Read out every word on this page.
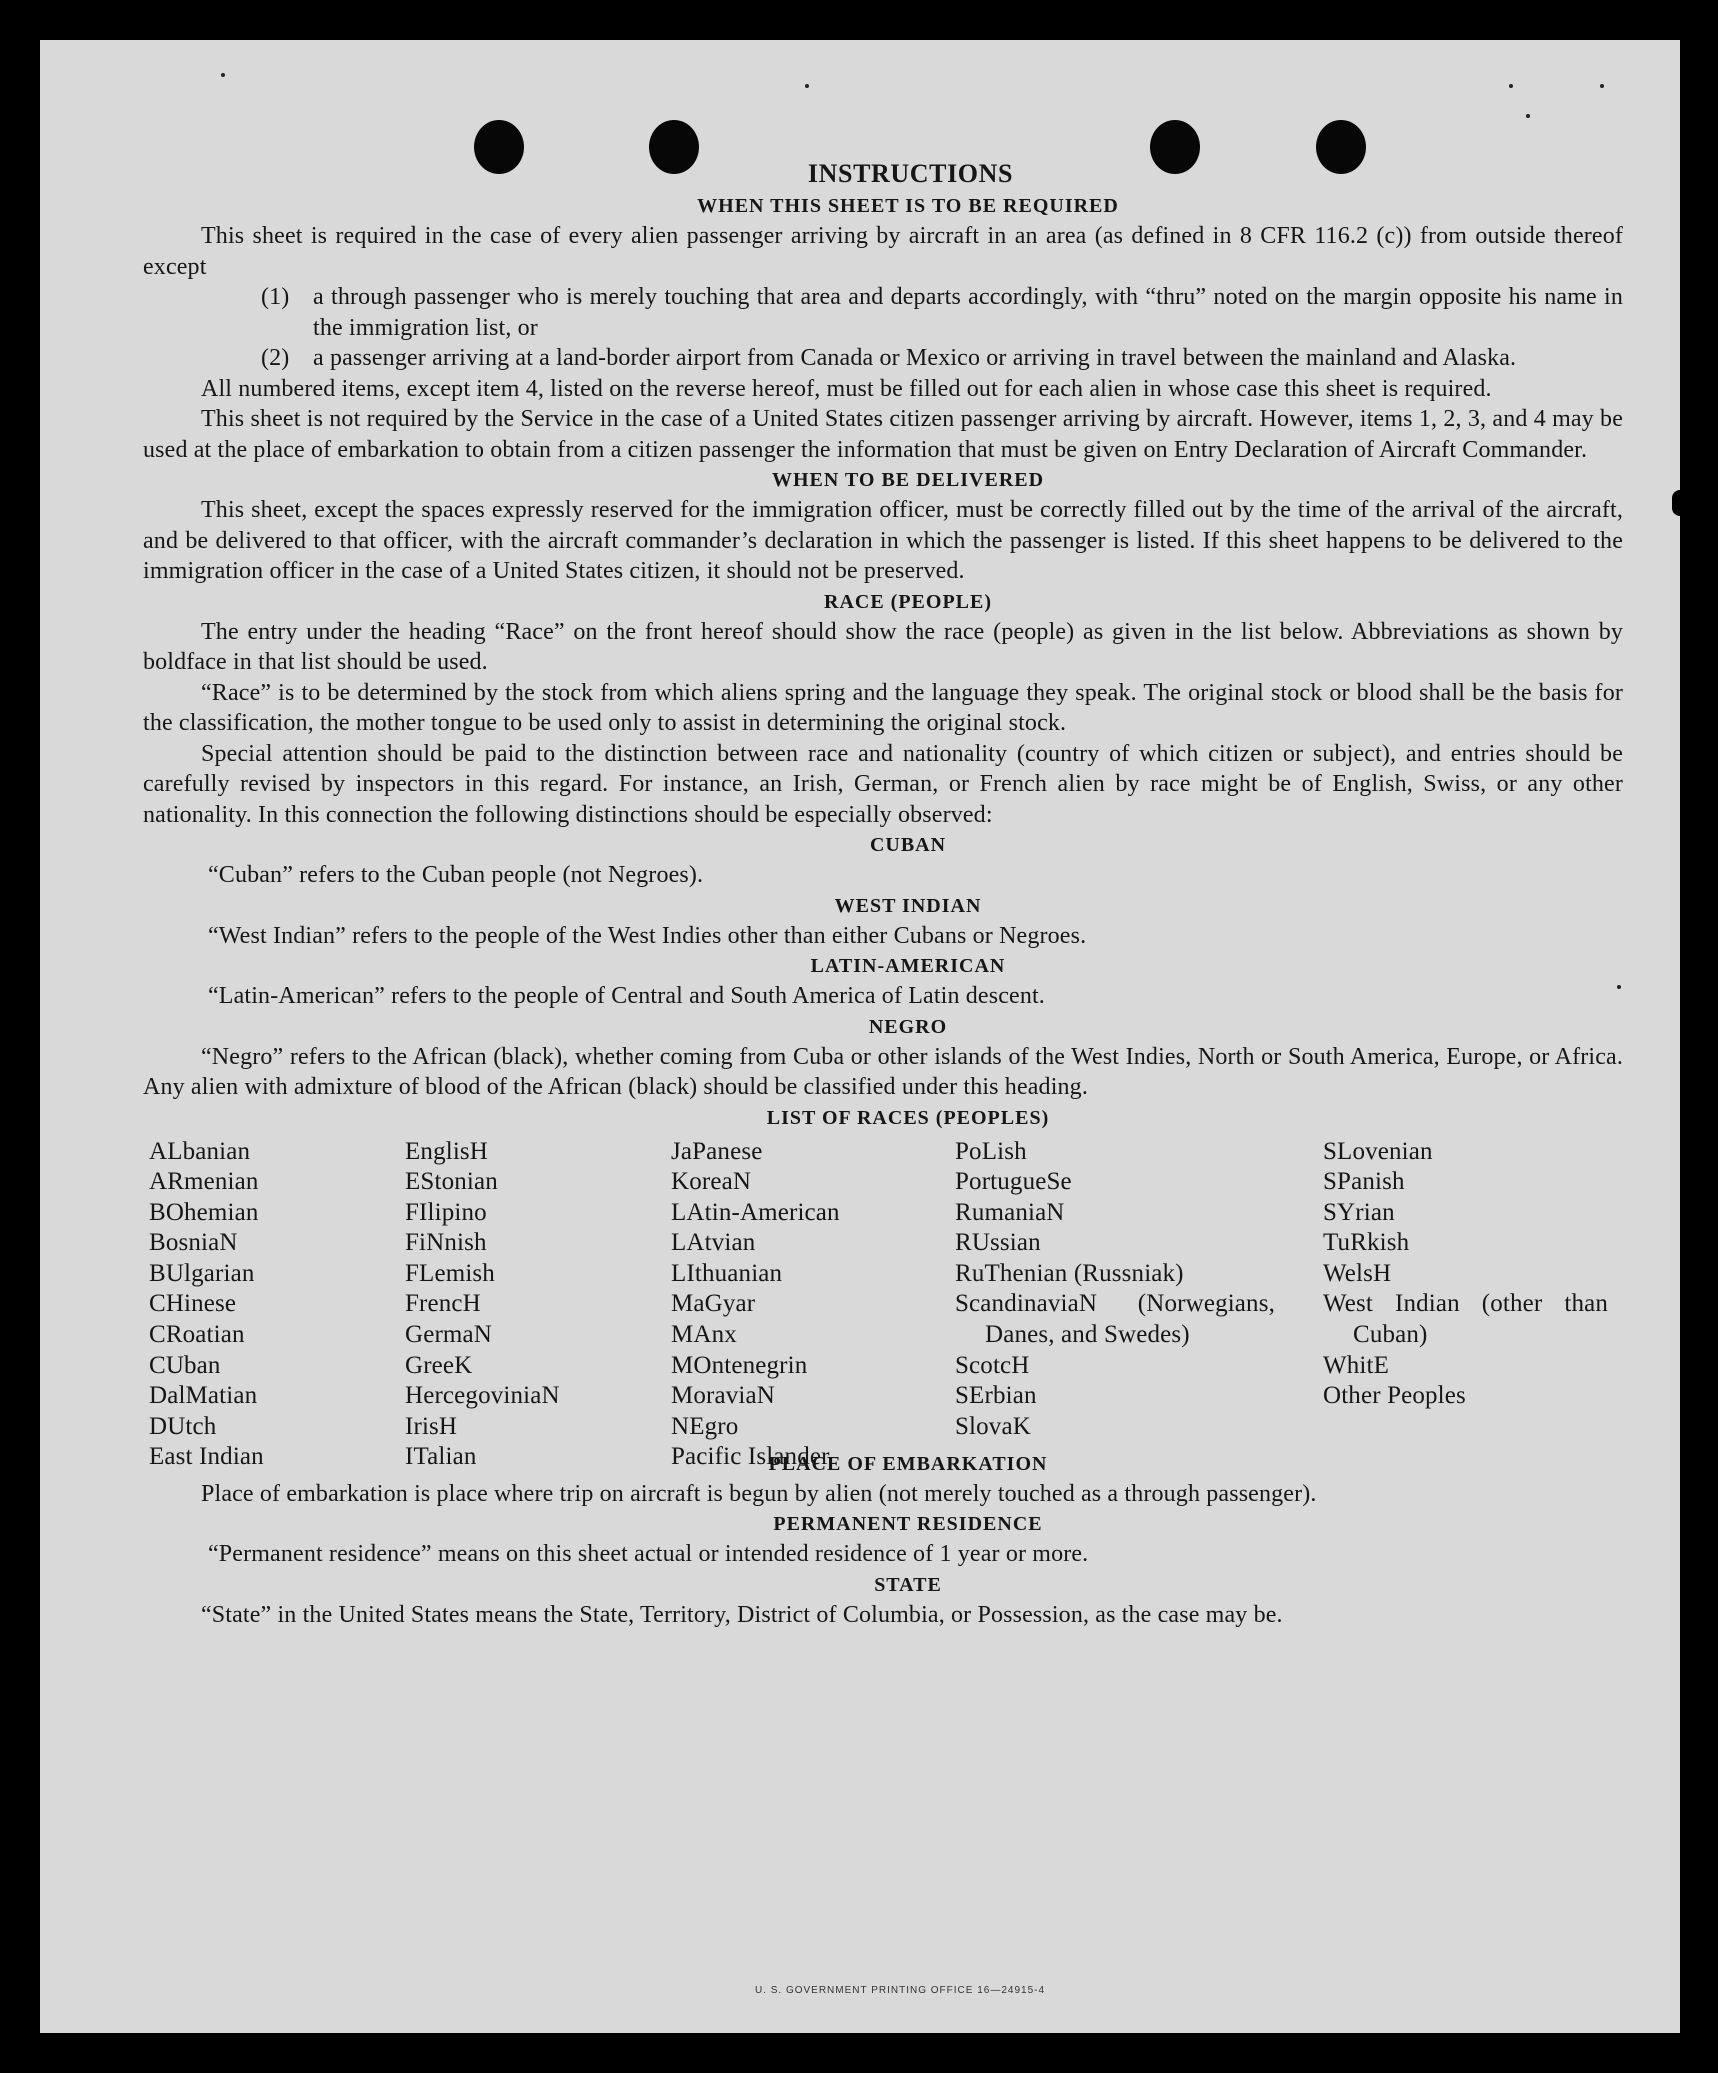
INSTRUCTIONS
WHEN THIS SHEET IS TO BE REQUIRED

This sheet is required in the case of every alien passenger arriving by aircraft in an area (as defined in 8 CFR 116.2 (c)) from outside thereof except

(1) a through passenger who is merely touching that area and departs accordingly, with “thru” noted on the margin opposite his name in the immigration list, or

(2) a passenger arriving at a land-border airport from Canada or Mexico or arriving in travel between the mainland and Alaska.

All numbered items, except item 4, listed on the reverse hereof, must be filled out for each alien in whose case this sheet is required.

This sheet is not required by the Service in the case of a United States citizen passenger arriving by aircraft. However, items 1, 2, 3, and 4 may be used at the place of embarkation to obtain from a citizen passenger the information that must be given on Entry Declaration of Aircraft Commander.

WHEN TO BE DELIVERED

This sheet, except the spaces expressly reserved for the immigration officer, must be correctly filled out by the time of the arrival of the aircraft, and be delivered to that officer, with the aircraft commander’s declaration in which the passenger is listed. If this sheet happens to be delivered to the immigration officer in the case of a United States citizen, it should not be preserved.

RACE (PEOPLE)

The entry under the heading “Race” on the front hereof should show the race (people) as given in the list below. Abbreviations as shown by boldface in that list should be used.

“Race” is to be determined by the stock from which aliens spring and the language they speak. The original stock or blood shall be the basis for the classification, the mother tongue to be used only to assist in determining the original stock.

Special attention should be paid to the distinction between race and nationality (country of which citizen or subject), and entries should be carefully revised by inspectors in this regard. For instance, an Irish, German, or French alien by race might be of English, Swiss, or any other nationality. In this connection the following distinctions should be especially observed:

CUBAN

“Cuban” refers to the Cuban people (not Negroes).

WEST INDIAN

“West Indian” refers to the people of the West Indies other than either Cubans or Negroes.

LATIN-AMERICAN

“Latin-American” refers to the people of Central and South America of Latin descent.

NEGRO

“Negro” refers to the African (black), whether coming from Cuba or other islands of the West Indies, North or South America, Europe, or Africa. Any alien with admixture of blood of the African (black) should be classified under this heading.

LIST OF RACES (PEOPLES)
ALbanian
ARmenian
BOhemian
BosniaN
BUlgarian
CHinese
CRoatian
CUban
DalMatian
DUtch
East Indian
EnglisH
EStonian
FIlipino
FiNnish
FLemish
FrencH
GermaN
GreeK
HercegoviniaN
IrisH
ITalian
JaPanese
KoreaN
LAtin-American
LAtvian
LIthuanian
MaGyar
MAnx
MOntenegrin
MoraviaN
NEgro
Pacific Islander
PoLish
PortugueSe
RumaniaN
RUssian
RuThenian (Russniak)
ScandinaviaN (Norwegians, Danes, and Swedes)
ScotcH
SErbian
SlovaK
SLovenian
SPanish
SYrian
TuRkish
WelsH
West Indian (other than Cuban)
WhitE
Other Peoples
PLACE OF EMBARKATION

Place of embarkation is place where trip on aircraft is begun by alien (not merely touched as a through passenger).

PERMANENT RESIDENCE

“Permanent residence” means on this sheet actual or intended residence of 1 year or more.

STATE

“State” in the United States means the State, Territory, District of Columbia, or Possession, as the case may be.

U. S. GOVERNMENT PRINTING OFFICE 16—24915-4
